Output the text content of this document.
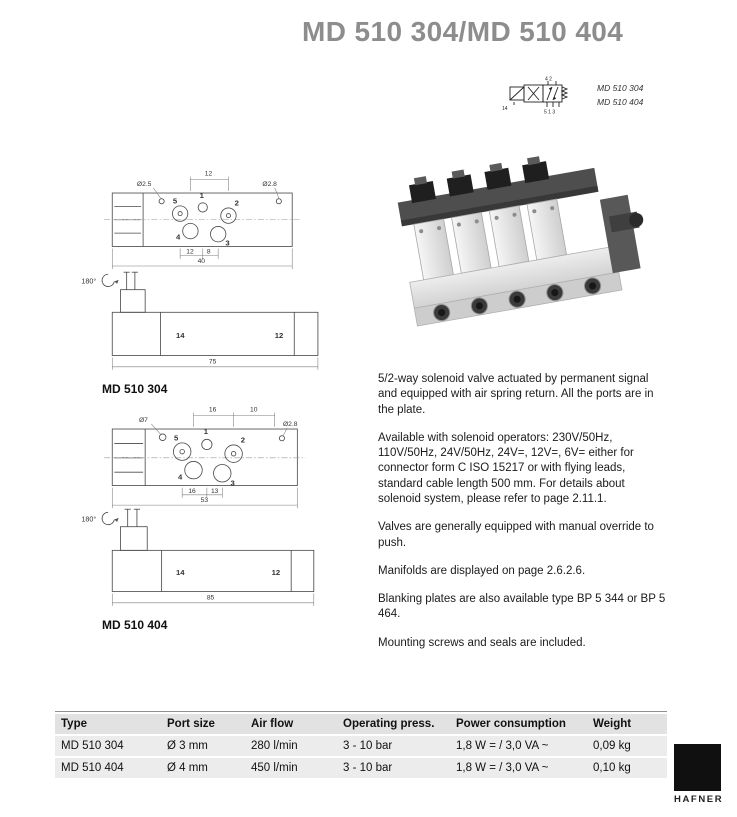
MD 510 304/MD 510 404
4 2
5 1 3
14
MD 510 304
MD 510 404
5
1
2
4
3
12
Ø2.5	Ø2.8
12 8
40
180°
14	12
75
MD 510 304
5
1
2
4
3
16	10
Ø7
Ø2.8
16 13
53
180°
14	12
85
MD 510 404

5/2-way solenoid valve actuated by permanent signal and equipped with air spring return. All the ports are in the plate.

Available with solenoid operators: 230V/50Hz, 110V/50Hz, 24V/50Hz, 24V=, 12V=, 6V= either for connector form C ISO 15217 or with flying leads, standard cable length 500 mm. For details about solenoid system, please refer to page 2.11.1.

Valves are generally equipped with manual override to push.

Manifolds are displayed on page 2.6.2.6.

Blanking plates are also available type BP 5 344 or BP 5 464.

Mounting screws and seals are included.

Type	Port size	Air flow	Operating press.	Power consumption	Weight
MD 510 304	Ø 3 mm	280 l/min	3 - 10 bar	1,8 W = / 3,0 VA ~	0,09 kg
MD 510 404	Ø 4 mm	450 l/min	3 - 10 bar	1,8 W = / 3,0 VA ~	0,10 kg
HAFNER
